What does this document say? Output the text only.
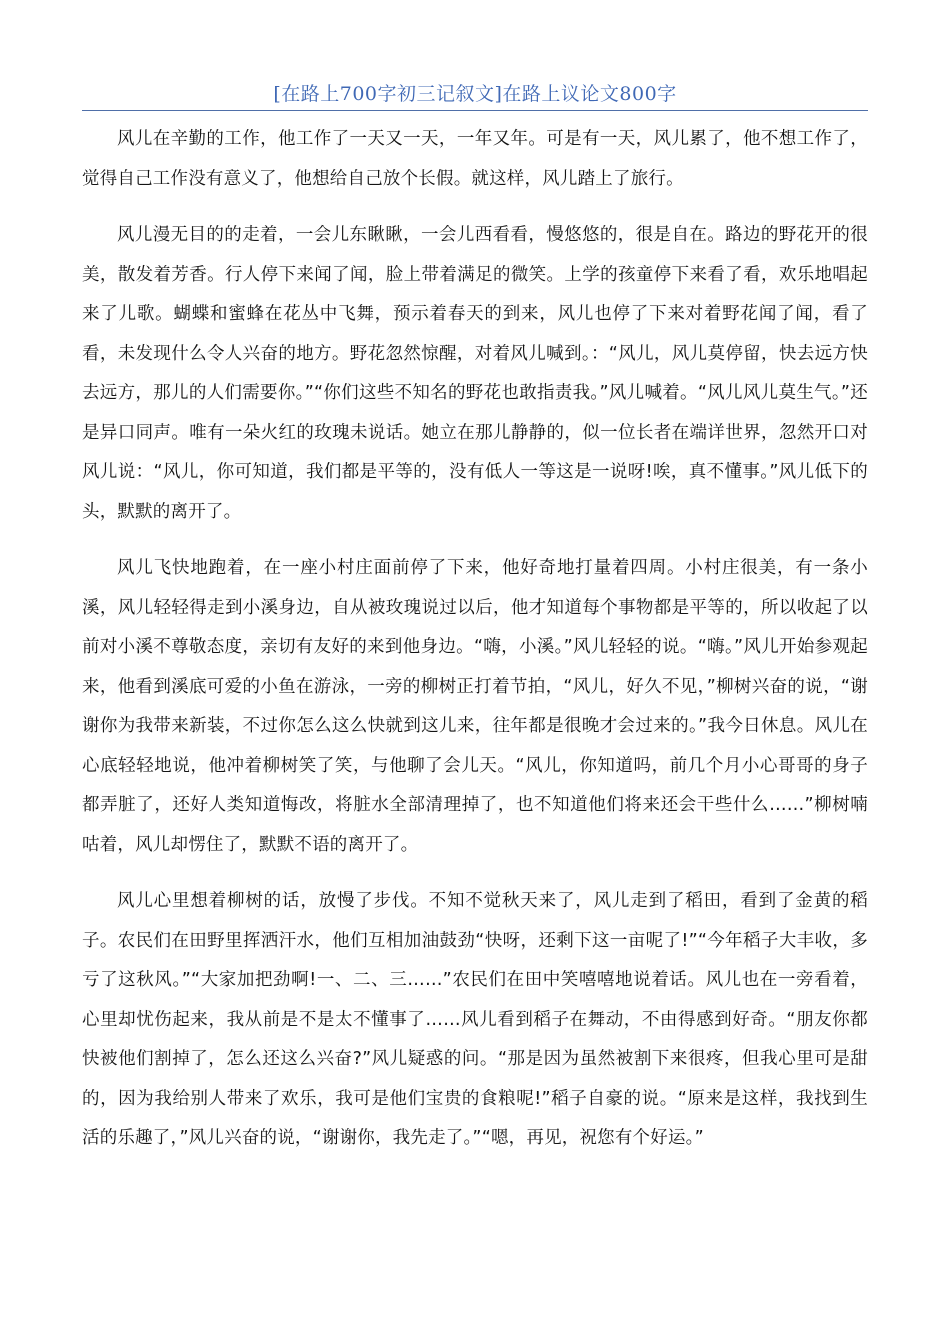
[在路上700字初三记叙文]在路上议论文800字

风儿在辛勤的工作，他工作了一天又一天，一年又年。可是有一天，风儿累了，他不想工作了，觉得自己工作没有意义了，他想给自己放个长假。就这样，风儿踏上了旅行。

风儿漫无目的的走着，一会儿东瞅瞅，一会儿西看看，慢悠悠的，很是自在。路边的野花开的很美，散发着芳香。行人停下来闻了闻，脸上带着满足的微笑。上学的孩童停下来看了看，欢乐地唱起来了儿歌。蝴蝶和蜜蜂在花丛中飞舞，预示着春天的到来，风儿也停了下来对着野花闻了闻，看了看，未发现什么令人兴奋的地方。野花忽然惊醒，对着风儿喊到。：“风儿，风儿莫停留，快去远方快去远方，那儿的人们需要你。”“你们这些不知名的野花也敢指责我。”风儿喊着。“风儿风儿莫生气。”还是异口同声。唯有一朵火红的玫瑰未说话。她立在那儿静静的，似一位长者在端详世界，忽然开口对风儿说：“风儿，你可知道，我们都是平等的，没有低人一等这是一说呀!唉，真不懂事。”风儿低下的头，默默的离开了。

风儿飞快地跑着，在一座小村庄面前停了下来，他好奇地打量着四周。小村庄很美，有一条小溪，风儿轻轻得走到小溪身边，自从被玫瑰说过以后，他才知道每个事物都是平等的，所以收起了以前对小溪不尊敬态度，亲切有友好的来到他身边。“嗨，小溪。”风儿轻轻的说。“嗨。”风儿开始参观起来，他看到溪底可爱的小鱼在游泳，一旁的柳树正打着节拍，“风儿，好久不见，”柳树兴奋的说，“谢谢你为我带来新装，不过你怎么这么快就到这儿来，往年都是很晚才会过来的。”我今日休息。风儿在心底轻轻地说，他冲着柳树笑了笑，与他聊了会儿天。“风儿，你知道吗，前几个月小心哥哥的身子都弄脏了，还好人类知道悔改，将脏水全部清理掉了，也不知道他们将来还会干些什么……”柳树喃咕着，风儿却愣住了，默默不语的离开了。

风儿心里想着柳树的话，放慢了步伐。不知不觉秋天来了，风儿走到了稻田，看到了金黄的稻子。农民们在田野里挥洒汗水，他们互相加油鼓劲“快呀，还剩下这一亩呢了!”“今年稻子大丰收，多亏了这秋风。”“大家加把劲啊!一、二、三……”农民们在田中笑嘻嘻地说着话。风儿也在一旁看着，心里却忧伤起来，我从前是不是太不懂事了……风儿看到稻子在舞动，不由得感到好奇。“朋友你都快被他们割掉了，怎么还这么兴奋?”风儿疑惑的问。“那是因为虽然被割下来很疼，但我心里可是甜的，因为我给别人带来了欢乐，我可是他们宝贵的食粮呢!”稻子自豪的说。“原来是这样，我找到生活的乐趣了，”风儿兴奋的说，“谢谢你，我先走了。”“嗯，再见，祝您有个好运。”
